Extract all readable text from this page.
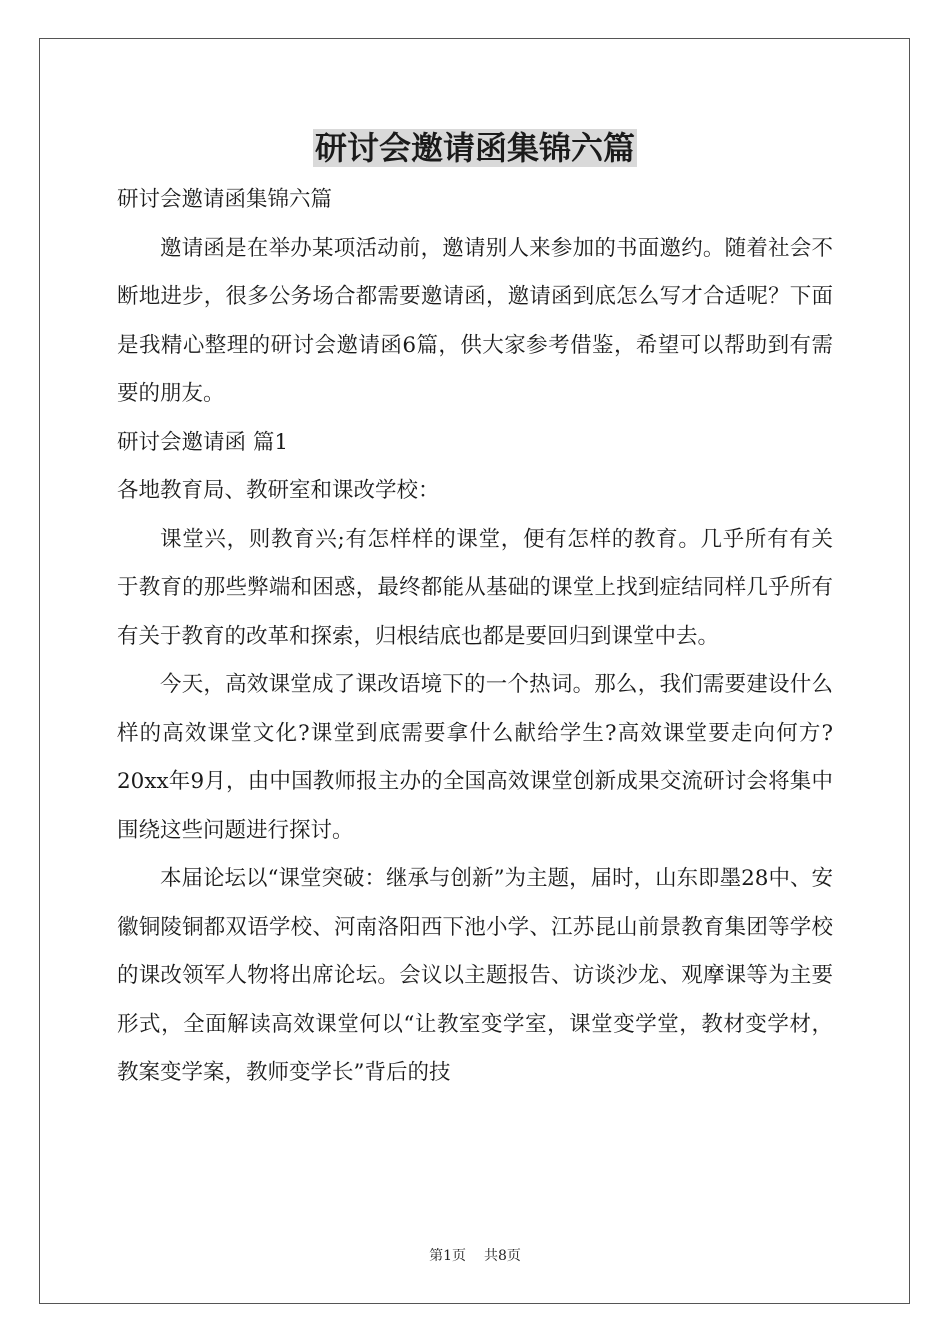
研讨会邀请函集锦六篇

研讨会邀请函集锦六篇

邀请函是在举办某项活动前，邀请别人来参加的书面邀约。随着社会不断地进步，很多公务场合都需要邀请函，邀请函到底怎么写才合适呢？下面是我精心整理的研讨会邀请函6篇，供大家参考借鉴，希望可以帮助到有需要的朋友。

研讨会邀请函 篇1

各地教育局、教研室和课改学校：

课堂兴，则教育兴;有怎样样的课堂，便有怎样的教育。几乎所有有关于教育的那些弊端和困惑，最终都能从基础的课堂上找到症结同样几乎所有有关于教育的改革和探索，归根结底也都是要回归到课堂中去。

今天，高效课堂成了课改语境下的一个热词。那么，我们需要建设什么样的高效课堂文化?课堂到底需要拿什么献给学生?高效课堂要走向何方?20xx年9月，由中国教师报主办的全国高效课堂创新成果交流研讨会将集中围绕这些问题进行探讨。

本届论坛以“课堂突破：继承与创新”为主题，届时，山东即墨28中、安徽铜陵铜都双语学校、河南洛阳西下池小学、江苏昆山前景教育集团等学校的课改领军人物将出席论坛。会议以主题报告、访谈沙龙、观摩课等为主要形式，全面解读高效课堂何以“让教室变学室，课堂变学堂，教材变学材，教案变学案，教师变学长”背后的技

第1页 共8页
